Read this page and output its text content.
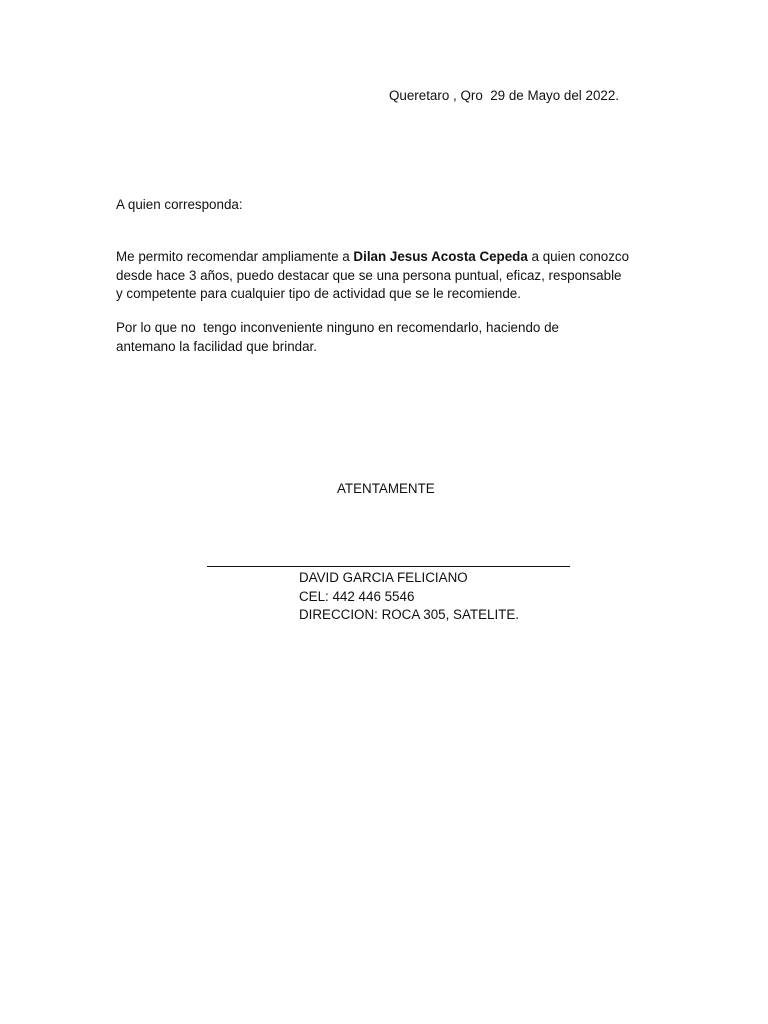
Queretaro , Qro  29 de Mayo del 2022.
A quien corresponda:
Me permito recomendar ampliamente a Dilan Jesus Acosta Cepeda a quien conozco
desde hace 3 años, puedo destacar que se una persona puntual, eficaz, responsable
y competente para cualquier tipo de actividad que se le recomiende.
Por lo que no  tengo inconveniente ninguno en recomendarlo, haciendo de
antemano la facilidad que brindar.
ATENTAMENTE
DAVID GARCIA FELICIANO
CEL: 442 446 5546
DIRECCION: ROCA 305, SATELITE.
